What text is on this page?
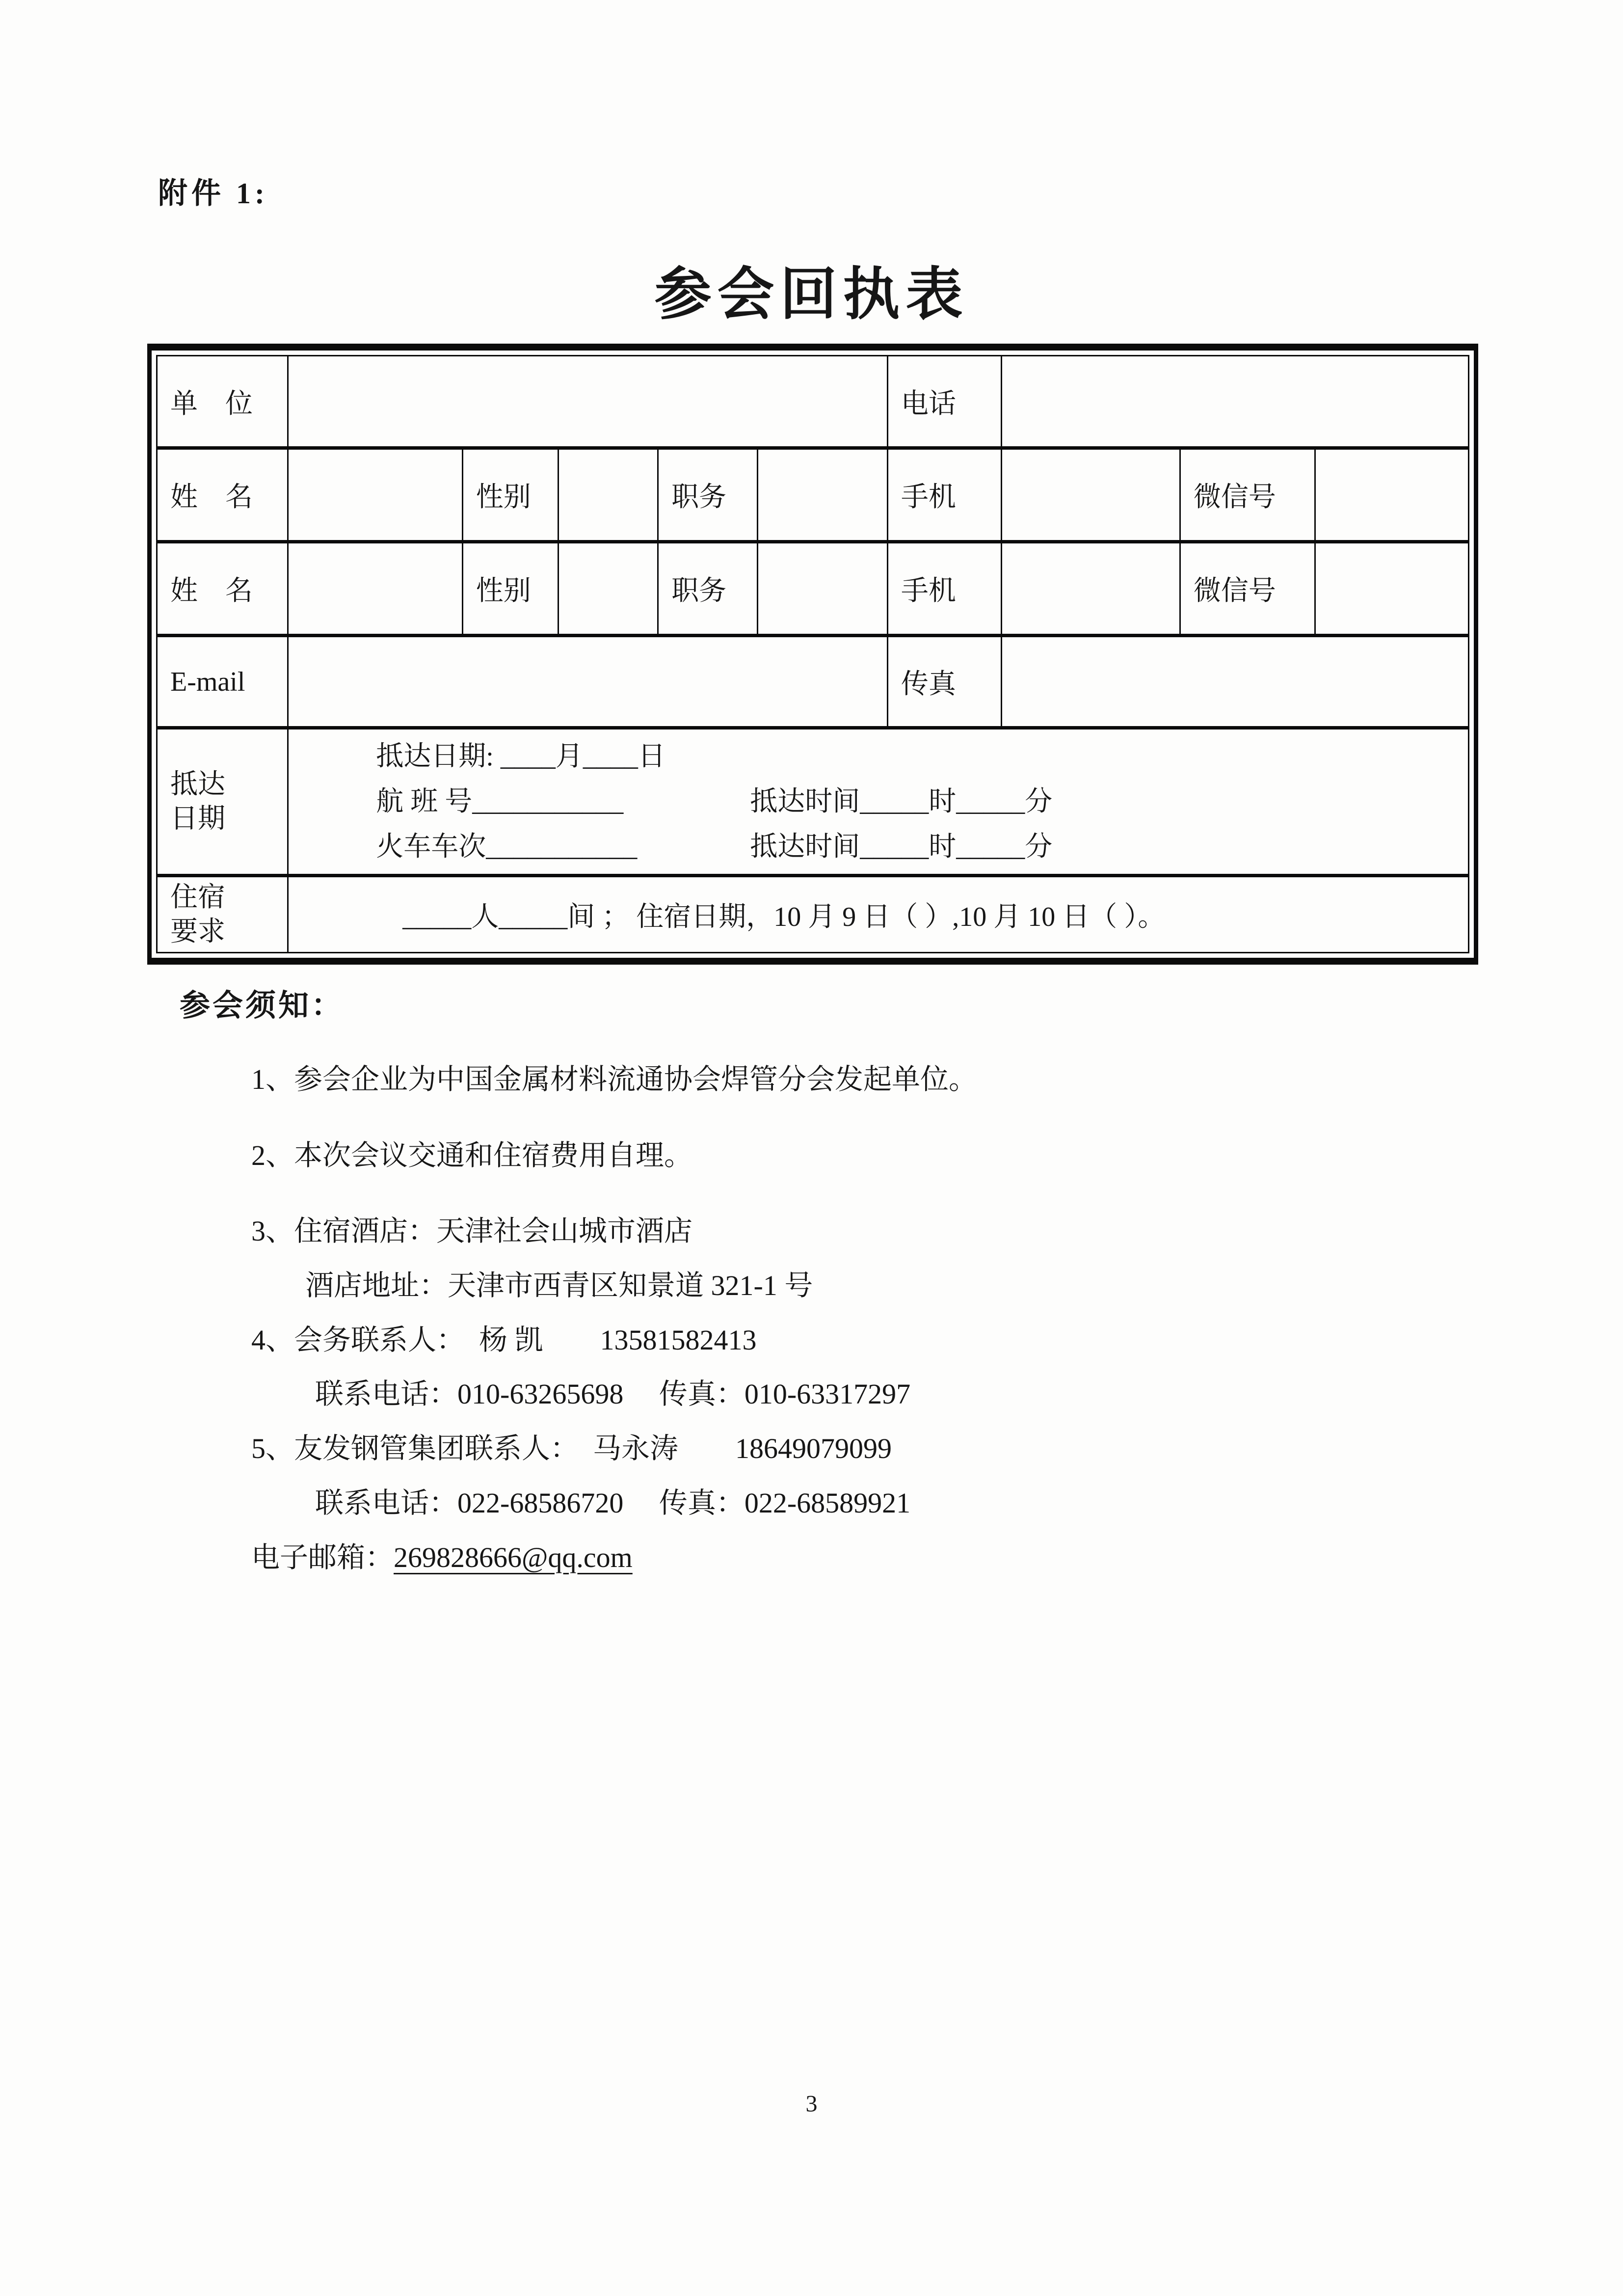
附件 1:
参会回执表
单　位						电话			
姓　名		性别		职务		手机		微信号	
姓　名		性别		职务		手机		微信号	
E-mail						传真			

抵达
日期

抵达日期: ____月____日
航 班 号___________	抵达时间_____时_____分
火车车次___________	抵达时间_____时_____分

住宿
要求	_____人_____间 ； 住宿日期，10 月 9 日（ ）,10 月 10 日（ ）。								
参会须知：
1、参会企业为中国金属材料流通协会焊管分会发起单位。
2、本次会议交通和住宿费用自理。
3、住宿酒店：天津社会山城市酒店
酒店地址：天津市西青区知景道 321-1 号
4、会务联系人：　杨 凯　　13581582413
联系电话：010-63265698　 传真：010-63317297
5、友发钢管集团联系人：　马永涛　　18649079099
联系电话：022-68586720　 传真：022-68589921
电子邮箱：269828666@qq.com
3
